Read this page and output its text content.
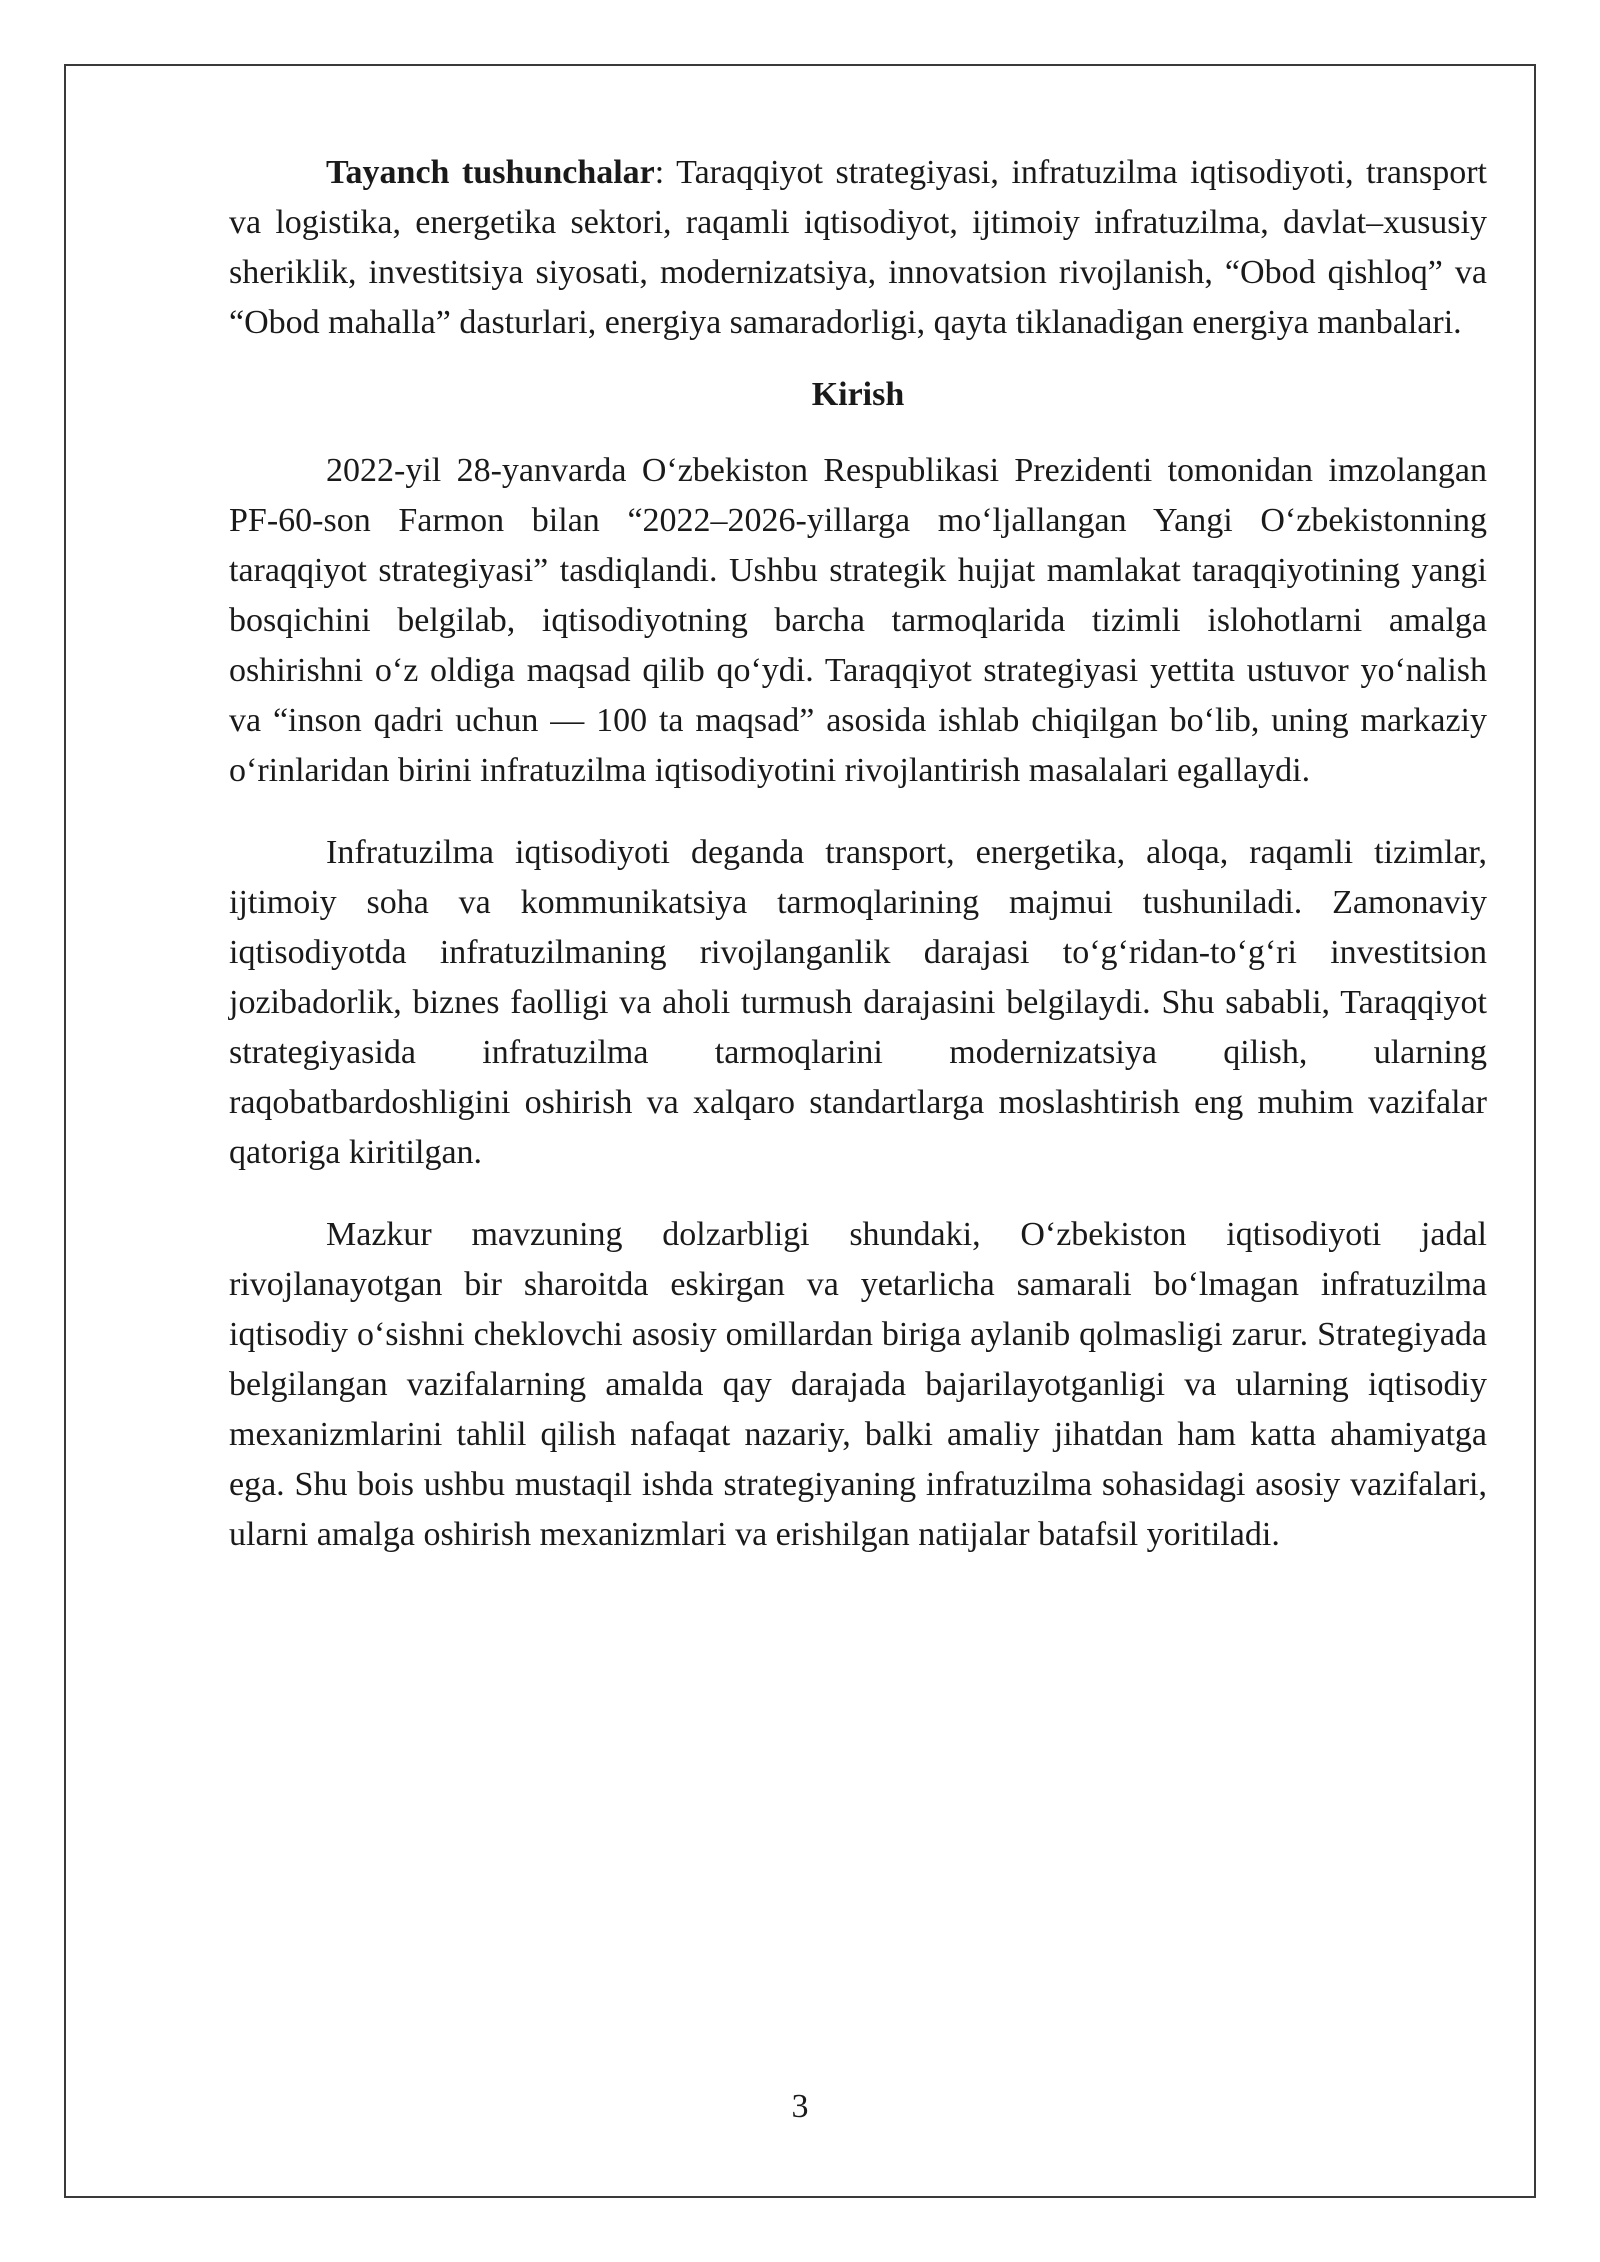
Tayanch tushunchalar: Taraqqiyot strategiyasi, infratuzilma iqtisodiyoti, transport va logistika, energetika sektori, raqamli iqtisodiyot, ijtimoiy infratuzilma, davlat–xususiy sheriklik, investitsiya siyosati, modernizatsiya, innovatsion rivojlanish, “Obod qishloq” va “Obod mahalla” dasturlari, energiya samaradorligi, qayta tiklanadigan energiya manbalari.

Kirish

2022-yil 28-yanvarda O‘zbekiston Respublikasi Prezidenti tomonidan imzolangan PF-60-son Farmon bilan “2022–2026-yillarga mo‘ljallangan Yangi O‘zbekistonning taraqqiyot strategiyasi” tasdiqlandi. Ushbu strategik hujjat mamlakat taraqqiyotining yangi bosqichini belgilab, iqtisodiyotning barcha tarmoqlarida tizimli islohotlarni amalga oshirishni o‘z oldiga maqsad qilib qo‘ydi. Taraqqiyot strategiyasi yettita ustuvor yo‘nalish va “inson qadri uchun — 100 ta maqsad” asosida ishlab chiqilgan bo‘lib, uning markaziy o‘rinlaridan birini infratuzilma iqtisodiyotini rivojlantirish masalalari egallaydi.

Infratuzilma iqtisodiyoti deganda transport, energetika, aloqa, raqamli tizimlar, ijtimoiy soha va kommunikatsiya tarmoqlarining majmui tushuniladi. Zamonaviy iqtisodiyotda infratuzilmaning rivojlanganlik darajasi to‘g‘ridan-to‘g‘ri investitsion jozibadorlik, biznes faolligi va aholi turmush darajasini belgilaydi. Shu sababli, Taraqqiyot strategiyasida infratuzilma tarmoqlarini modernizatsiya qilish, ularning raqobatbardoshligini oshirish va xalqaro standartlarga moslashtirish eng muhim vazifalar qatoriga kiritilgan.

Mazkur mavzuning dolzarbligi shundaki, O‘zbekiston iqtisodiyoti jadal rivojlanayotgan bir sharoitda eskirgan va yetarlicha samarali bo‘lmagan infratuzilma iqtisodiy o‘sishni cheklovchi asosiy omillardan biriga aylanib qolmasligi zarur. Strategiyada belgilangan vazifalarning amalda qay darajada bajarilayotganligi va ularning iqtisodiy mexanizmlarini tahlil qilish nafaqat nazariy, balki amaliy jihatdan ham katta ahamiyatga ega. Shu bois ushbu mustaqil ishda strategiyaning infratuzilma sohasidagi asosiy vazifalari, ularni amalga oshirish mexanizmlari va erishilgan natijalar batafsil yoritiladi.

3
